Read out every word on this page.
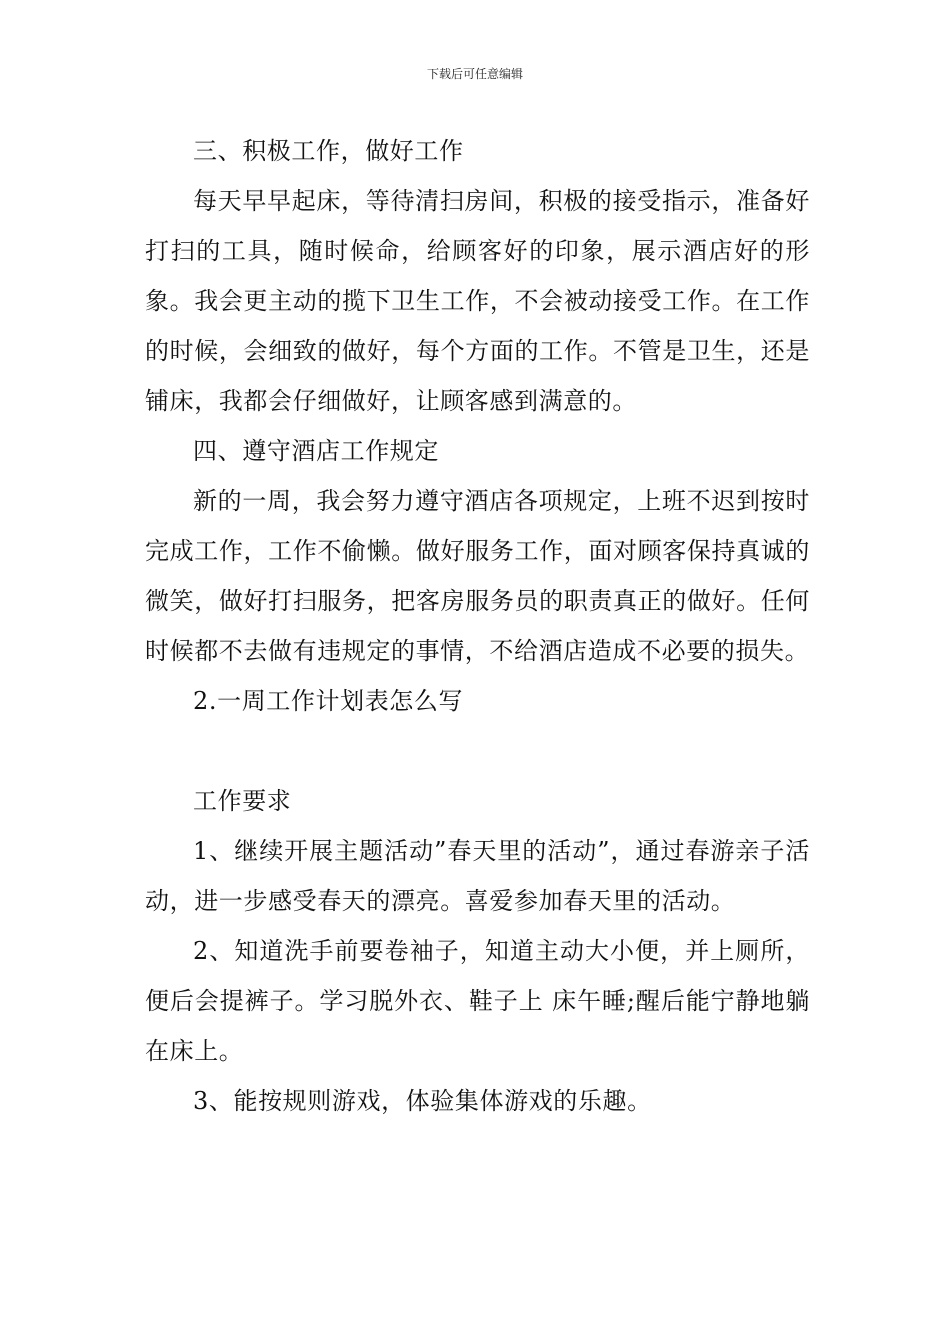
下载后可任意编辑

三、积极工作，做好工作

每天早早起床，等待清扫房间，积极的接受指示，准备好打扫的工具，随时候命，给顾客好的印象，展示酒店好的形象。我会更主动的揽下卫生工作，不会被动接受工作。在工作的时候，会细致的做好，每个方面的工作。不管是卫生，还是铺床，我都会仔细做好，让顾客感到满意的。

四、遵守酒店工作规定

新的一周，我会努力遵守酒店各项规定，上班不迟到按时完成工作，工作不偷懒。做好服务工作，面对顾客保持真诚的微笑，做好打扫服务，把客房服务员的职责真正的做好。任何时候都不去做有违规定的事情，不给酒店造成不必要的损失。

2.一周工作计划表怎么写

工作要求

1、继续开展主题活动”春天里的活动”，通过春游亲子活动，进一步感受春天的漂亮。喜爱参加春天里的活动。

2、知道洗手前要卷袖子，知道主动大小便，并上厕所，便后会提裤子。学习脱外衣、鞋子上 床午睡;醒后能宁静地躺在床上。

3、能按规则游戏，体验集体游戏的乐趣。
